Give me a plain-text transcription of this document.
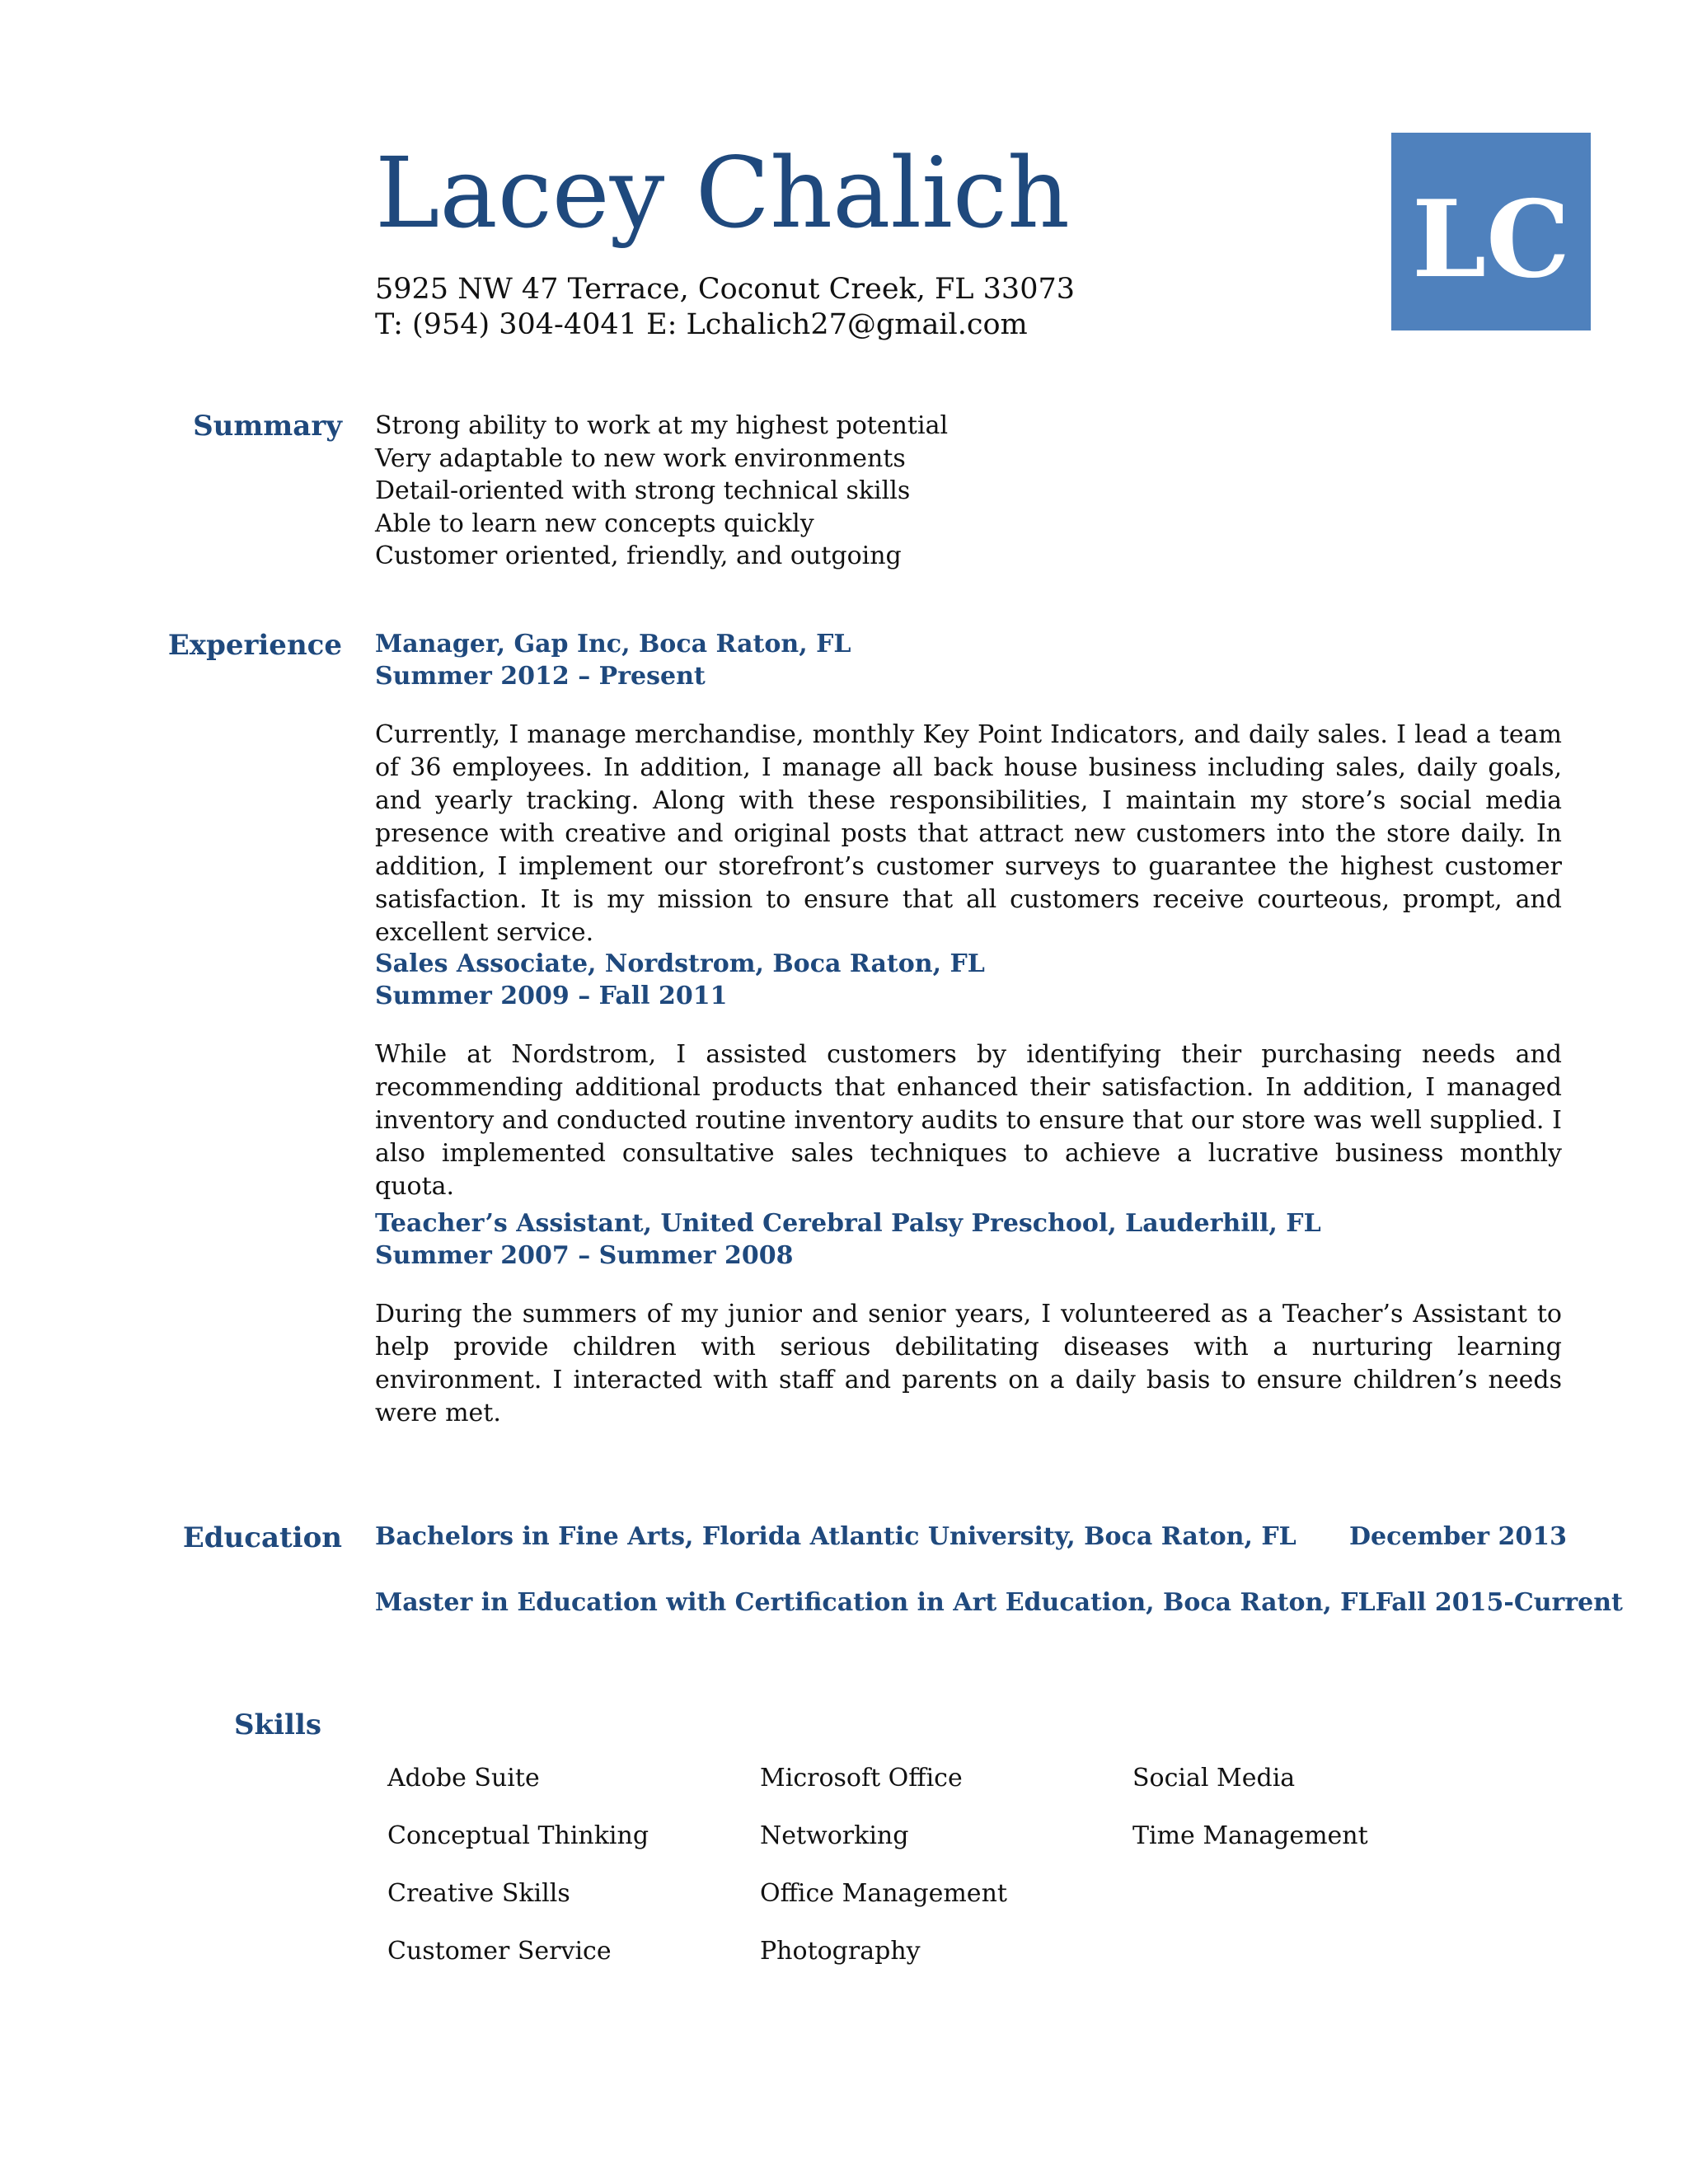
Lacey Chalich
5925 NW 47 Terrace, Coconut Creek, FL 33073
T: (954) 304-4041 E: Lchalich27@gmail.com
LC
Summary Strong ability to work at my highest potential
Very adaptable to new work environments
Detail-oriented with strong technical skills
Able to learn new concepts quickly
Customer oriented, friendly, and outgoing
Experience Manager, Gap Inc, Boca Raton, FL
Summer 2012 – Present
Currently, I manage merchandise, monthly Key Point Indicators, and daily sales. I lead a team of 36 employees. In addition, I manage all back house business including sales, daily goals, and yearly tracking. Along with these responsibilities, I maintain my store’s social media presence with creative and original posts that attract new customers into the store daily. In addition, I implement our storefront’s customer surveys to guarantee the highest customer satisfaction. It is my mission to ensure that all customers receive courteous, prompt, and excellent service.
Sales Associate, Nordstrom, Boca Raton, FL
Summer 2009 – Fall 2011
While at Nordstrom, I assisted customers by identifying their purchasing needs and recommending additional products that enhanced their satisfaction. In addition, I managed inventory and conducted routine inventory audits to ensure that our store was well supplied. I also implemented consultative sales techniques to achieve a lucrative business monthly quota.
Teacher’s Assistant, United Cerebral Palsy Preschool, Lauderhill, FL
Summer 2007 – Summer 2008
During the summers of my junior and senior years, I volunteered as a Teacher’s Assistant to help provide children with serious debilitating diseases with a nurturing learning environment. I interacted with staff and parents on a daily basis to ensure children’s needs were met.
Education Bachelors in Fine Arts, Florida Atlantic University, Boca Raton, FL December 2013
Master in Education with Certification in Art Education, Boca Raton, FL Fall 2015-Current
Skills
Adobe Suite	Microsoft Office	Social Media
Conceptual Thinking	Networking	Time Management
Creative Skills	Office Management
Customer Service	Photography
